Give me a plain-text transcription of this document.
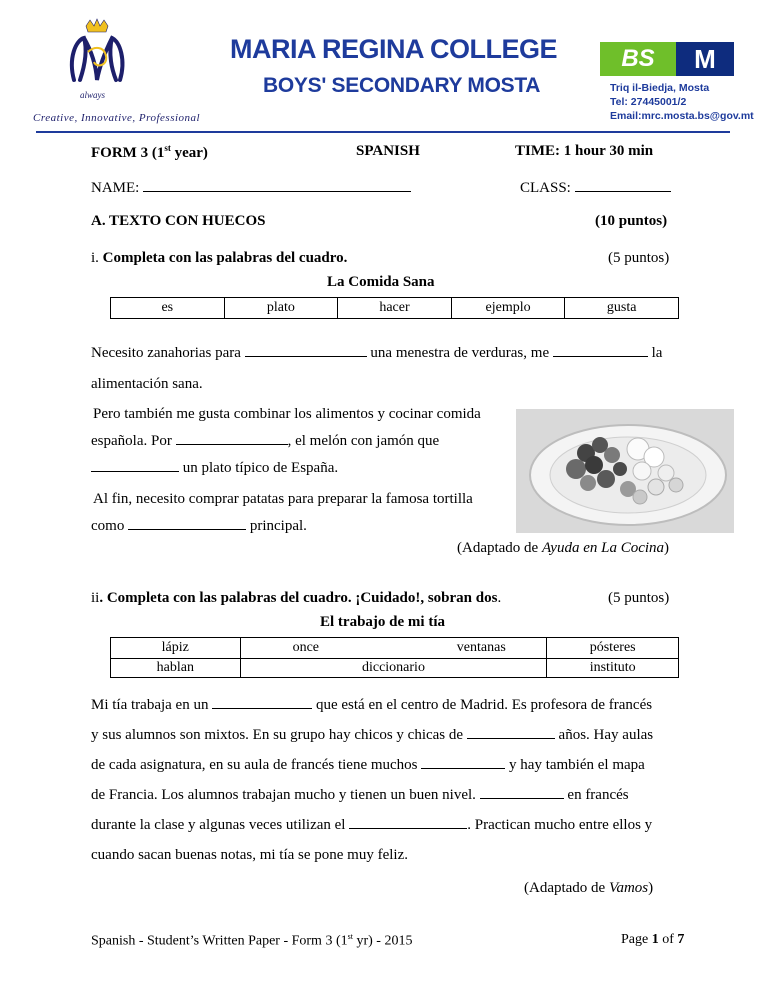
always
Creative, Innovative, Professional
MARIA REGINA COLLEGE
BOYS' SECONDARY MOSTA
BS	M
Triq il-Biedja, Mosta
Tel: 27445001/2
Email:mrc.mosta.bs@gov.mt
FORM 3 (1st year)	SPANISH	TIME: 1 hour 30 min
NAME:	CLASS:
A. TEXTO CON HUECOS	(10 puntos)
i. Completa con las palabras del cuadro.	(5 puntos)
La Comida Sana
es	plato	hacer	ejemplo	gusta
Necesito zanahorias para	una menestra de verduras, me	la
alimentación sana.
Pero también me gusta combinar los alimentos y cocinar comida
española. Por	, el melón con jamón que
un plato típico de España.
Al fin, necesito comprar patatas para preparar la famosa tortilla
como	principal.
(Adaptado de Ayuda en La Cocina)
ii. Completa con las palabras del cuadro. ¡Cuidado!, sobran dos.	(5 puntos)
El trabajo de mi tía
lápiz	once	ventanas	pósteres
hablan	diccionario		instituto
Mi tía trabaja en un	que está en el centro de Madrid. Es profesora de francés
y sus alumnos son mixtos. En su grupo hay chicos y chicas de	años. Hay aulas
de cada asignatura, en su aula de francés tiene muchos	y hay también el mapa
de Francia. Los alumnos trabajan mucho y tienen un buen nivel.	en francés
durante la clase y algunas veces utilizan el	. Practican mucho entre ellos y
cuando sacan buenas notas, mi tía se pone muy feliz.
(Adaptado de Vamos)
Spanish - Student’s Written Paper - Form 3 (1st yr) - 2015	Page 1 of 7
